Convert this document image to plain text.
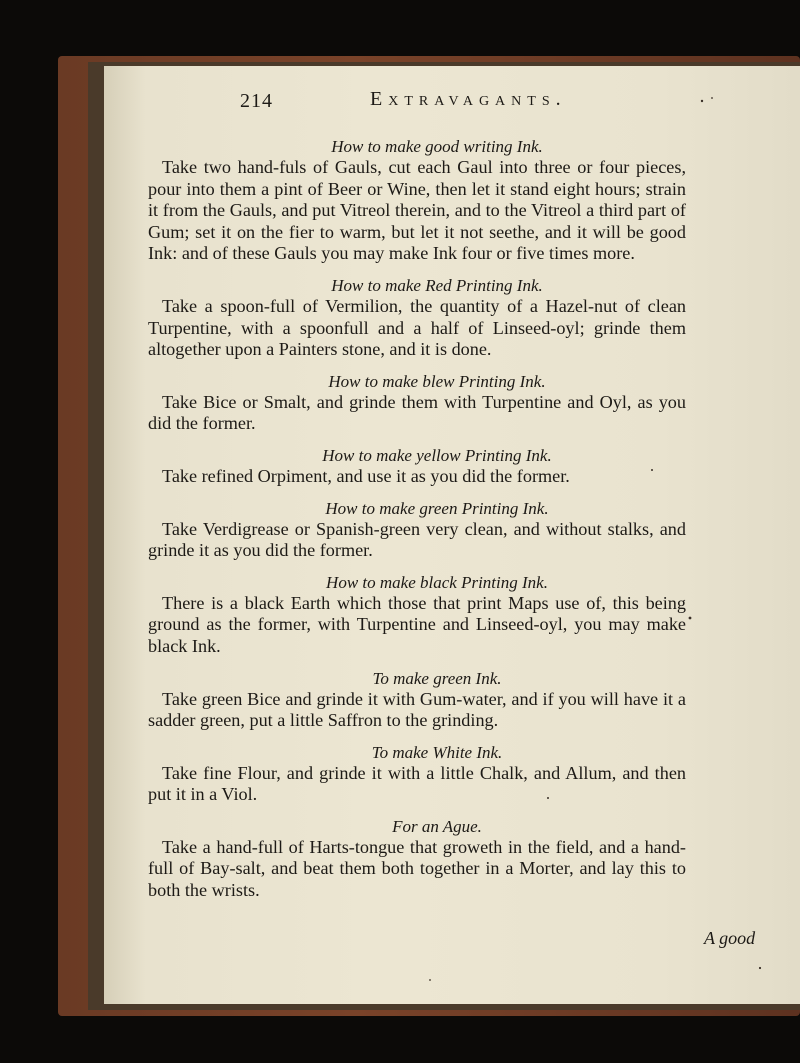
214	Extravagants.

How to make good writing Ink.

Take two hand-fuls of Gauls, cut each Gaul into three or four pieces, pour into them a pint of Beer or Wine, then let it stand eight hours; strain it from the Gauls, and put Vitreol therein, and to the Vitreol a third part of Gum; set it on the fier to warm, but let it not seethe, and it will be good Ink: and of these Gauls you may make Ink four or five times more.

How to make Red Printing Ink.

Take a spoon-full of Vermilion, the quantity of a Hazel-nut of clean Turpentine, with a spoonfull and a half of Linseed-oyl; grinde them altogether upon a Painters stone, and it is done.

How to make blew Printing Ink.

Take Bice or Smalt, and grinde them with Turpentine and Oyl, as you did the former.

How to make yellow Printing Ink.

Take refined Orpiment, and use it as you did the former.

How to make green Printing Ink.

Take Verdigrease or Spanish-green very clean, and without stalks, and grinde it as you did the former.

How to make black Printing Ink.

There is a black Earth which those that print Maps use of, this being ground as the former, with Turpentine and Linseed-oyl, you may make black Ink.

To make green Ink.

Take green Bice and grinde it with Gum-water, and if you will have it a sadder green, put a little Saffron to the grinding.

To make White Ink.

Take fine Flour, and grinde it with a little Chalk, and Allum, and then put it in a Viol.

For an Ague.

Take a hand-full of Harts-tongue that groweth in the field, and a hand-full of Bay-salt, and beat them both together in a Morter, and lay this to both the wrists.

A good
